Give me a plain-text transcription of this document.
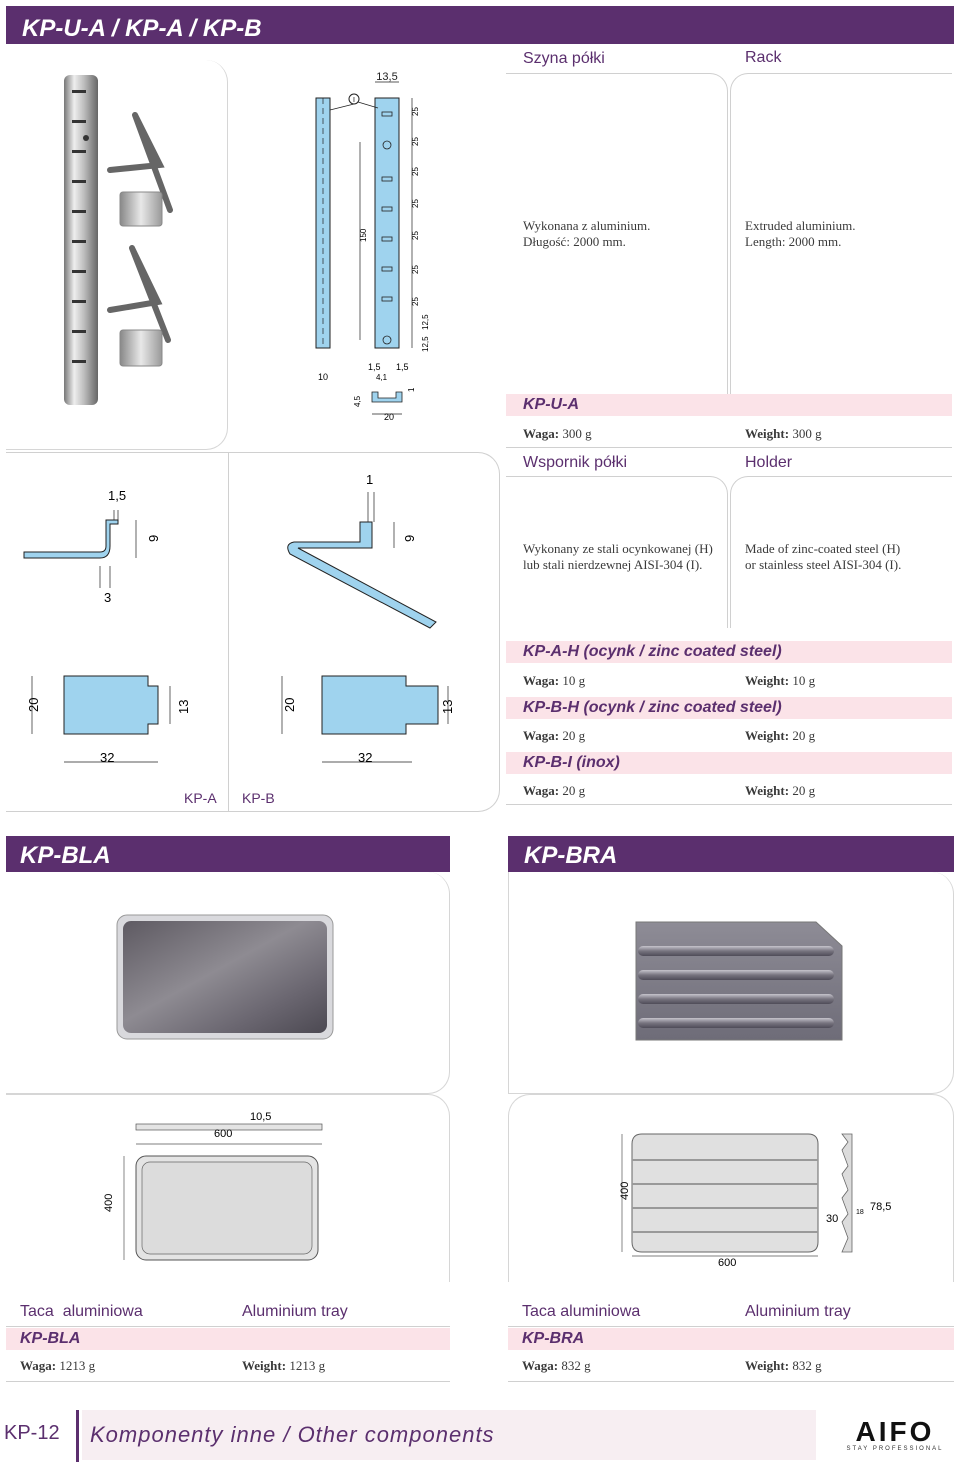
KP-U-A / KP-A / KP-B
I
13,5
25
25
25
25
25
25
25
12,5
12,5
150
10
1,5 1,5
4,1
4,5
1
20
Szyna półki	Rack
Wykonana z aluminium.
Długość: 2000 mm.
Extruded aluminium.
Length: 2000 mm.
KP-U-A
Waga: 300 g	Weight: 300 g
1,5
9
3
1
9
20	13
32
20	13
32
KP-A KP-B
Wspornik półki	Holder
Wykonany ze stali ocynkowanej (H)
lub stali nierdzewnej AISI-304 (I).
Made of zinc-coated steel (H)
or stainless steel AISI-304 (I).
KP-A-H (ocynk / zinc coated steel)
Waga: 10 g	Weight: 10 g
KP-B-H (ocynk / zinc coated steel)
Waga: 20 g	Weight: 20 g
KP-B-I (inox)
Waga: 20 g	Weight: 20 g
KP-BLA	KP-BRA
10,5
600
400
400
600
30
18 78,5
Taca  aluminiowa	Aluminium tray
KP-BLA
Waga: 1213 g	Weight: 1213 g
Taca aluminiowa	Aluminium tray
KP-BRA
Waga: 832 g	Weight: 832 g
KP-12	Komponenty inne / Other components	AIFO
STAY PROFESSIONAL
